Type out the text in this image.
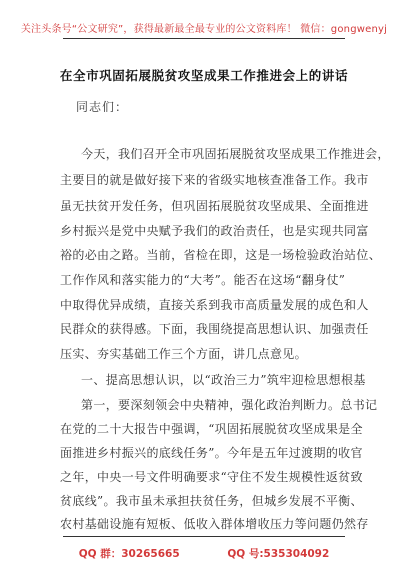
关注头条号“公文研究”，获得最新最全最专业的公文资料库！ 微信：gongwenyj
在全市巩固拓展脱贫攻坚成果工作推进会上的讲话
同志们：
今天，我们召开全市巩固拓展脱贫攻坚成果工作推进会，
主要目的就是做好接下来的省级实地核查准备工作。我市
虽无扶贫开发任务，但巩固拓展脱贫攻坚成果、全面推进
乡村振兴是党中央赋予我们的政治责任，也是实现共同富
裕的必由之路。当前，省检在即，这是一场检验政治站位、
工作作风和落实能力的“大考”。能否在这场“翻身仗”
中取得优异成绩，直接关系到我市高质量发展的成色和人
民群众的获得感。下面，我围绕提高思想认识、加强责任
压实、夯实基础工作三个方面，讲几点意见。
一、提高思想认识，以“政治三力”筑牢迎检思想根基
第一，要深刻领会中央精神，强化政治判断力。总书记
在党的二十大报告中强调，“巩固拓展脱贫攻坚成果是全
面推进乡村振兴的底线任务”。今年是五年过渡期的收官
之年，中央一号文件明确要求“守住不发生规模性返贫致
贫底线”。我市虽未承担扶贫任务，但城乡发展不平衡、
农村基础设施有短板、低收入群体增收压力等问题仍然存
QQ 群：30265665	QQ 号:535304092
